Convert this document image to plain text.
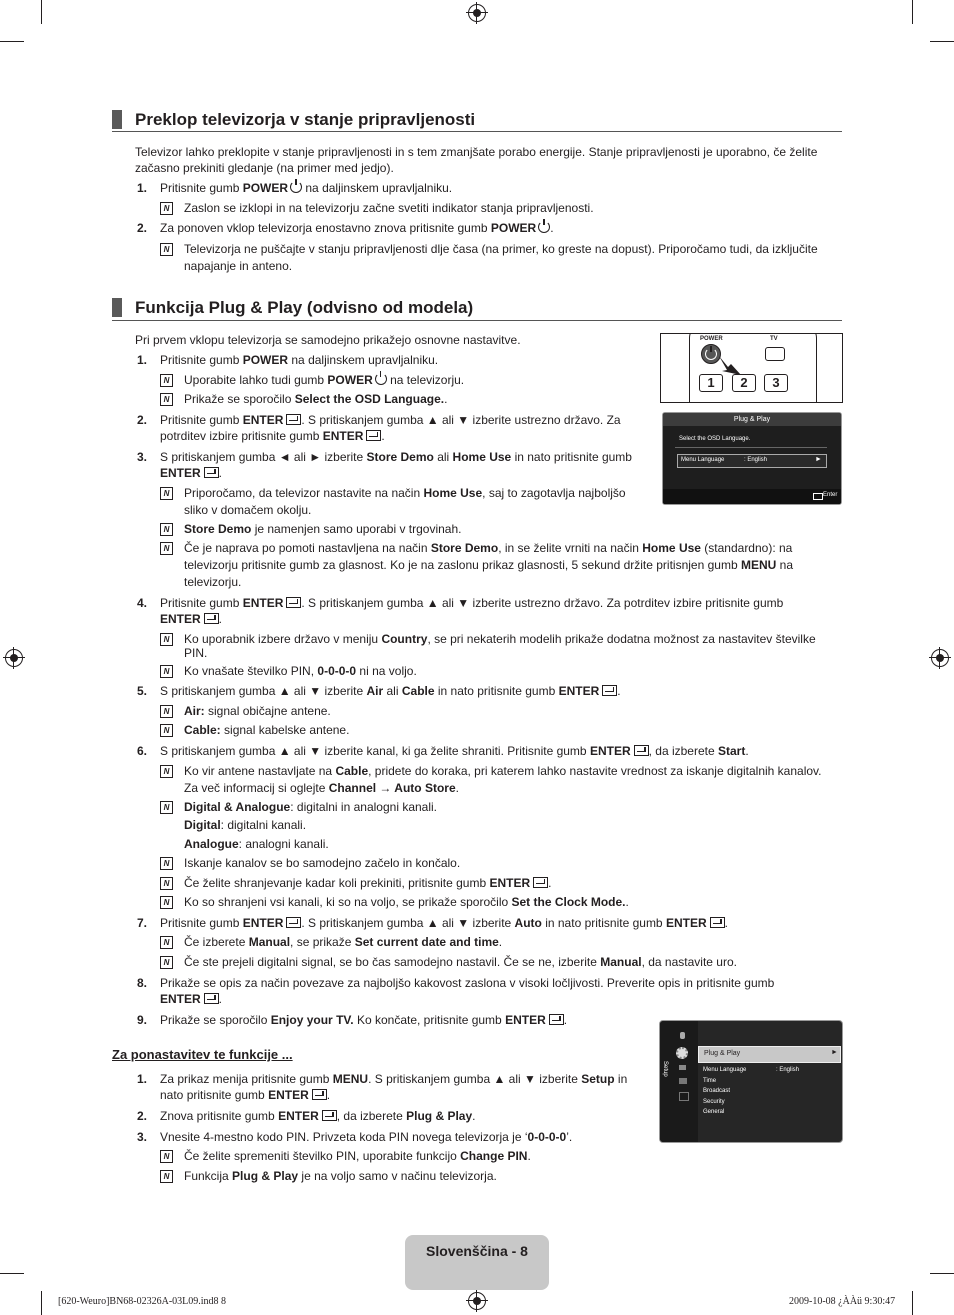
Preklop televizorja v stanje pripravljenosti
Televizor lahko preklopite v stanje pripravljenosti in s tem zmanjšate porabo energije. Stanje pripravljenosti je uporabno, če želite
začasno prekiniti gledanje (na primer med jedjo).
1. Pritisnite gumb POWER na daljinskem upravljalniku.
N	Zaslon se izklopi in na televizorju začne svetiti indikator stanja pripravljenosti.
2. Za ponoven vklop televizorja enostavno znova pritisnite gumb POWER .
N	Televizorja ne puščajte v stanju pripravljenosti dlje časa (na primer, ko greste na dopust). Priporočamo tudi, da izključite
napajanje in anteno.
Funkcija Plug & Play (odvisno od modela)
Pri prvem vklopu televizorja se samodejno prikažejo osnovne nastavitve.
1. Pritisnite gumb POWER na daljinskem upravljalniku.
N	Uporabite lahko tudi gumb POWER na televizorju.
N	Prikaže se sporočilo Select the OSD Language..
2. Pritisnite gumb ENTER . S pritiskanjem gumba ▲ ali ▼ izberite ustrezno državo. Za
potrditev izbire pritisnite gumb ENTER .
3. S pritiskanjem gumba ◄ ali ► izberite Store Demo ali Home Use in nato pritisnite gumb
ENTER .
N	Priporočamo, da televizor nastavite na način Home Use, saj to zagotavlja najboljšo
sliko v domačem okolju.
N	Store Demo je namenjen samo uporabi v trgovinah.
N	Če je naprava po pomoti nastavljena na način Store Demo, in se želite vrniti na način Home Use (standardno): na
televizorju pritisnite gumb za glasnost. Ko je na zaslonu prikaz glasnosti, 5 sekund držite pritisnjen gumb MENU na
televizorju.
4. Pritisnite gumb ENTER . S pritiskanjem gumba ▲ ali ▼ izberite ustrezno državo. Za potrditev izbire pritisnite gumb
ENTER .
N	Ko uporabnik izbere državo v meniju Country, se pri nekaterih modelih prikaže dodatna možnost za nastavitev številke
PIN.
N	Ko vnašate številko PIN, 0-0-0-0 ni na voljo.
5. S pritiskanjem gumba ▲ ali ▼ izberite Air ali Cable in nato pritisnite gumb ENTER .
N	Air: signal običajne antene.
N	Cable: signal kabelske antene.
6. S pritiskanjem gumba ▲ ali ▼ izberite kanal, ki ga želite shraniti. Pritisnite gumb ENTER , da izberete Start.
N	Ko vir antene nastavljate na Cable, pridete do koraka, pri katerem lahko nastavite vrednost za iskanje digitalnih kanalov.
Za več informacij si oglejte Channel → Auto Store.
N	Digital & Analogue: digitalni in analogni kanali.
Digital: digitalni kanali.
Analogue: analogni kanali.
N	Iskanje kanalov se bo samodejno začelo in končalo.
N	Če želite shranjevanje kadar koli prekiniti, pritisnite gumb ENTER .
N	Ko so shranjeni vsi kanali, ki so na voljo, se prikaže sporočilo Set the Clock Mode..
7. Pritisnite gumb ENTER . S pritiskanjem gumba ▲ ali ▼ izberite Auto in nato pritisnite gumb ENTER .
N	Če izberete Manual, se prikaže Set current date and time.
N	Če ste prejeli digitalni signal, se bo čas samodejno nastavil. Če se ne, izberite Manual, da nastavite uro.
8. Prikaže se opis za način povezave za najboljšo kakovost zaslona v visoki ločljivosti. Preverite opis in pritisnite gumb
ENTER .
9. Prikaže se sporočilo Enjoy your TV. Ko končate, pritisnite gumb ENTER .
Za ponastavitev te funkcije ...
1. Za prikaz menija pritisnite gumb MENU. S pritiskanjem gumba ▲ ali ▼ izberite Setup in
nato pritisnite gumb ENTER .
2. Znova pritisnite gumb ENTER , da izberete Plug & Play.
3. Vnesite 4-mestno kodo PIN. Privzeta koda PIN novega televizorja je ‘0-0-0-0’.
N	Če želite spremeniti številko PIN, uporabite funkcijo Change PIN.
N	Funkcija Plug & Play je na voljo samo v načinu televizorja.
POWER	TV
1	2	3
Plug & Play
Select the OSD Language.
Menu Language	: English	►
Enter
Setup
Plug & Play	►
Menu Language	: English
Time
Broadcast
Security
General
Slovenščina - 8
[620-Weuro]BN68-02326A-03L09.ind8 8	2009-10-08 ¿ÀÀü 9:30:47
